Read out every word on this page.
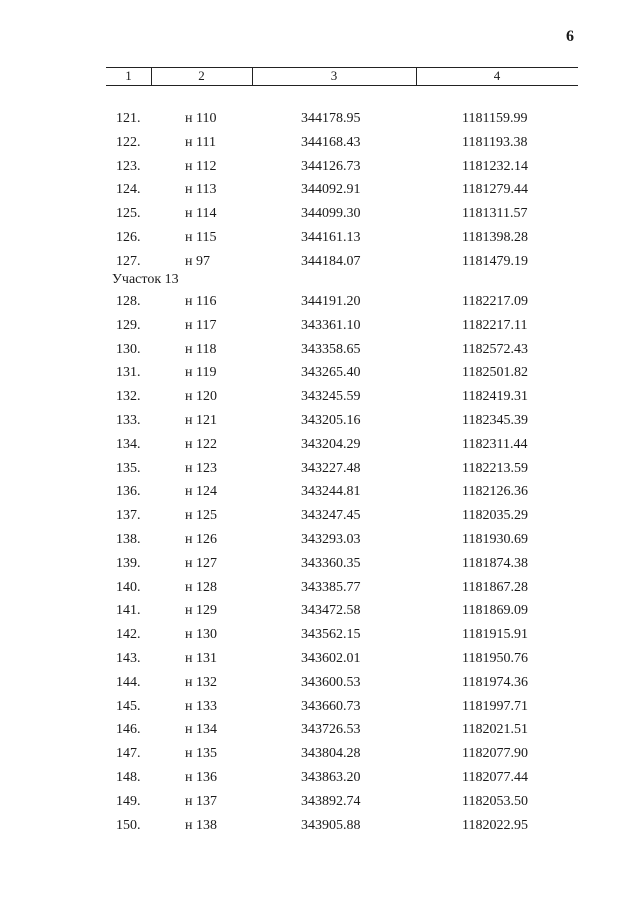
6
1	2	3	4
121.	н 110	344178.95	1181159.99
122.	н 111	344168.43	1181193.38
123.	н 112	344126.73	1181232.14
124.	н 113	344092.91	1181279.44
125.	н 114	344099.30	1181311.57
126.	н 115	344161.13	1181398.28
127.	н 97	344184.07	1181479.19
Участок 13
128.	н 116	344191.20	1182217.09
129.	н 117	343361.10	1182217.11
130.	н 118	343358.65	1182572.43
131.	н 119	343265.40	1182501.82
132.	н 120	343245.59	1182419.31
133.	н 121	343205.16	1182345.39
134.	н 122	343204.29	1182311.44
135.	н 123	343227.48	1182213.59
136.	н 124	343244.81	1182126.36
137.	н 125	343247.45	1182035.29
138.	н 126	343293.03	1181930.69
139.	н 127	343360.35	1181874.38
140.	н 128	343385.77	1181867.28
141.	н 129	343472.58	1181869.09
142.	н 130	343562.15	1181915.91
143.	н 131	343602.01	1181950.76
144.	н 132	343600.53	1181974.36
145.	н 133	343660.73	1181997.71
146.	н 134	343726.53	1182021.51
147.	н 135	343804.28	1182077.90
148.	н 136	343863.20	1182077.44
149.	н 137	343892.74	1182053.50
150.	н 138	343905.88	1182022.95
